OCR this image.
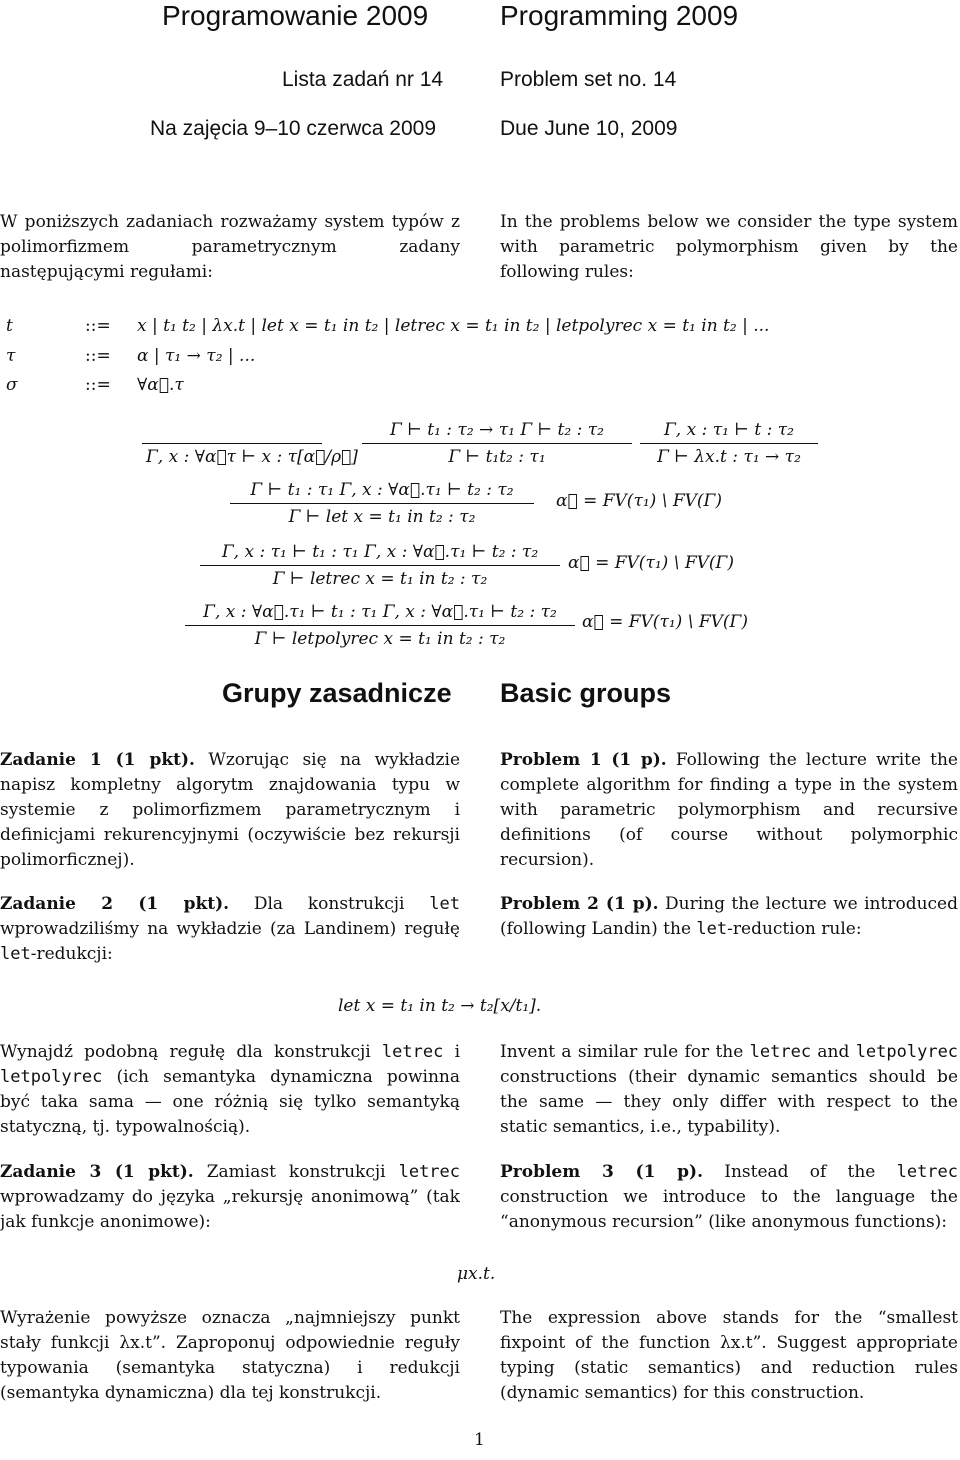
Programowanie 2009	Programming 2009
Lista zadań nr 14	Problem set no. 14
Na zajęcia 9–10 czerwca 2009	Due June 10, 2009
W poniższych zadaniach rozważamy system typów z polimorfizmem parametrycznym zadany następującymi regułami:
In the problems below we consider the type system with parametric polymorphism given by the following rules:
t	::= x | t₁ t₂ | λx.t | let x = t₁ in t₂ | letrec x = t₁ in t₂ | letpolyrec x = t₁ in t₂ | ...
τ	::= α | τ₁ → τ₂ | ...
σ	::= ∀α⃗.τ

Γ, x : ∀α⃗τ ⊢ x : τ[α⃗/ρ⃗] $\frac{\text{Γ ⊢ t₁ : τ₂ → τ₁ Γ ⊢ t₂ : τ₂}}{\text{Γ ⊢ t₁t₂ : τ₁}} \frac{\text{Γ, x : τ₁ ⊢ t : τ₂}}{\text{Γ ⊢ λx.t : τ₁ → τ₂}}$
Γ ⊢ t₁ : τ₁ Γ, x : ∀α⃗.τ₁ ⊢ t₂ : τ₂
Γ ⊢ let x = t₁ in t₂ : τ₂
α⃗ = FV(τ₁) \ FV(Γ)
Γ, x : τ₁ ⊢ t₁ : τ₁ Γ, x : ∀α⃗.τ₁ ⊢ t₂ : τ₂
Γ ⊢ letrec x = t₁ in t₂ : τ₂
α⃗ = FV(τ₁) \ FV(Γ)
Γ, x : ∀α⃗.τ₁ ⊢ t₁ : τ₁ Γ, x : ∀α⃗.τ₁ ⊢ t₂ : τ₂
Γ ⊢ letpolyrec x = t₁ in t₂ : τ₂
α⃗ = FV(τ₁) \ FV(Γ)
Grupy zasadnicze Basic groups
Zadanie 1 (1 pkt). Wzorując się na wykładzie napisz kompletny algorytm znajdowania typu w systemie z polimorfizmem parametrycznym i definicjami rekurencyjnymi (oczywiście bez rekursji polimorficznej).
Problem 1 (1 p). Following the lecture write the complete algorithm for finding a type in the system with parametric polymorphism and recursive definitions (of course without polymorphic recursion).
Zadanie 2 (1 pkt). Dla konstrukcji let wprowadziliśmy na wykładzie (za Landinem) regułę let-redukcji:
Problem 2 (1 p). During the lecture we introduced (following Landin) the let-reduction rule:
let x = t₁ in t₂ → t₂[x/t₁].
Wynajdź podobną regułę dla konstrukcji letrec i letpolyrec (ich semantyka dynamiczna powinna być taka sama — one różnią się tylko semantyką statyczną, tj. typowalnością).
Invent a similar rule for the letrec and letpolyrec constructions (their dynamic semantics should be the same — they only differ with respect to the static semantics, i.e., typability).
Zadanie 3 (1 pkt). Zamiast konstrukcji letrec wprowadzamy do języka „rekursję anonimową” (tak jak funkcje anonimowe):
Problem 3 (1 p). Instead of the letrec construction we introduce to the language the “anonymous recursion” (like anonymous functions):
μx.t.
Wyrażenie powyższe oznacza „najmniejszy punkt stały funkcji λx.t”. Zaproponuj odpowiednie reguły typowania (semantyka statyczna) i redukcji (semantyka dynamiczna) dla tej konstrukcji.
The expression above stands for the “smallest fixpoint of the function λx.t”. Suggest appropriate typing (static semantics) and reduction rules (dynamic semantics) for this construction.
1
